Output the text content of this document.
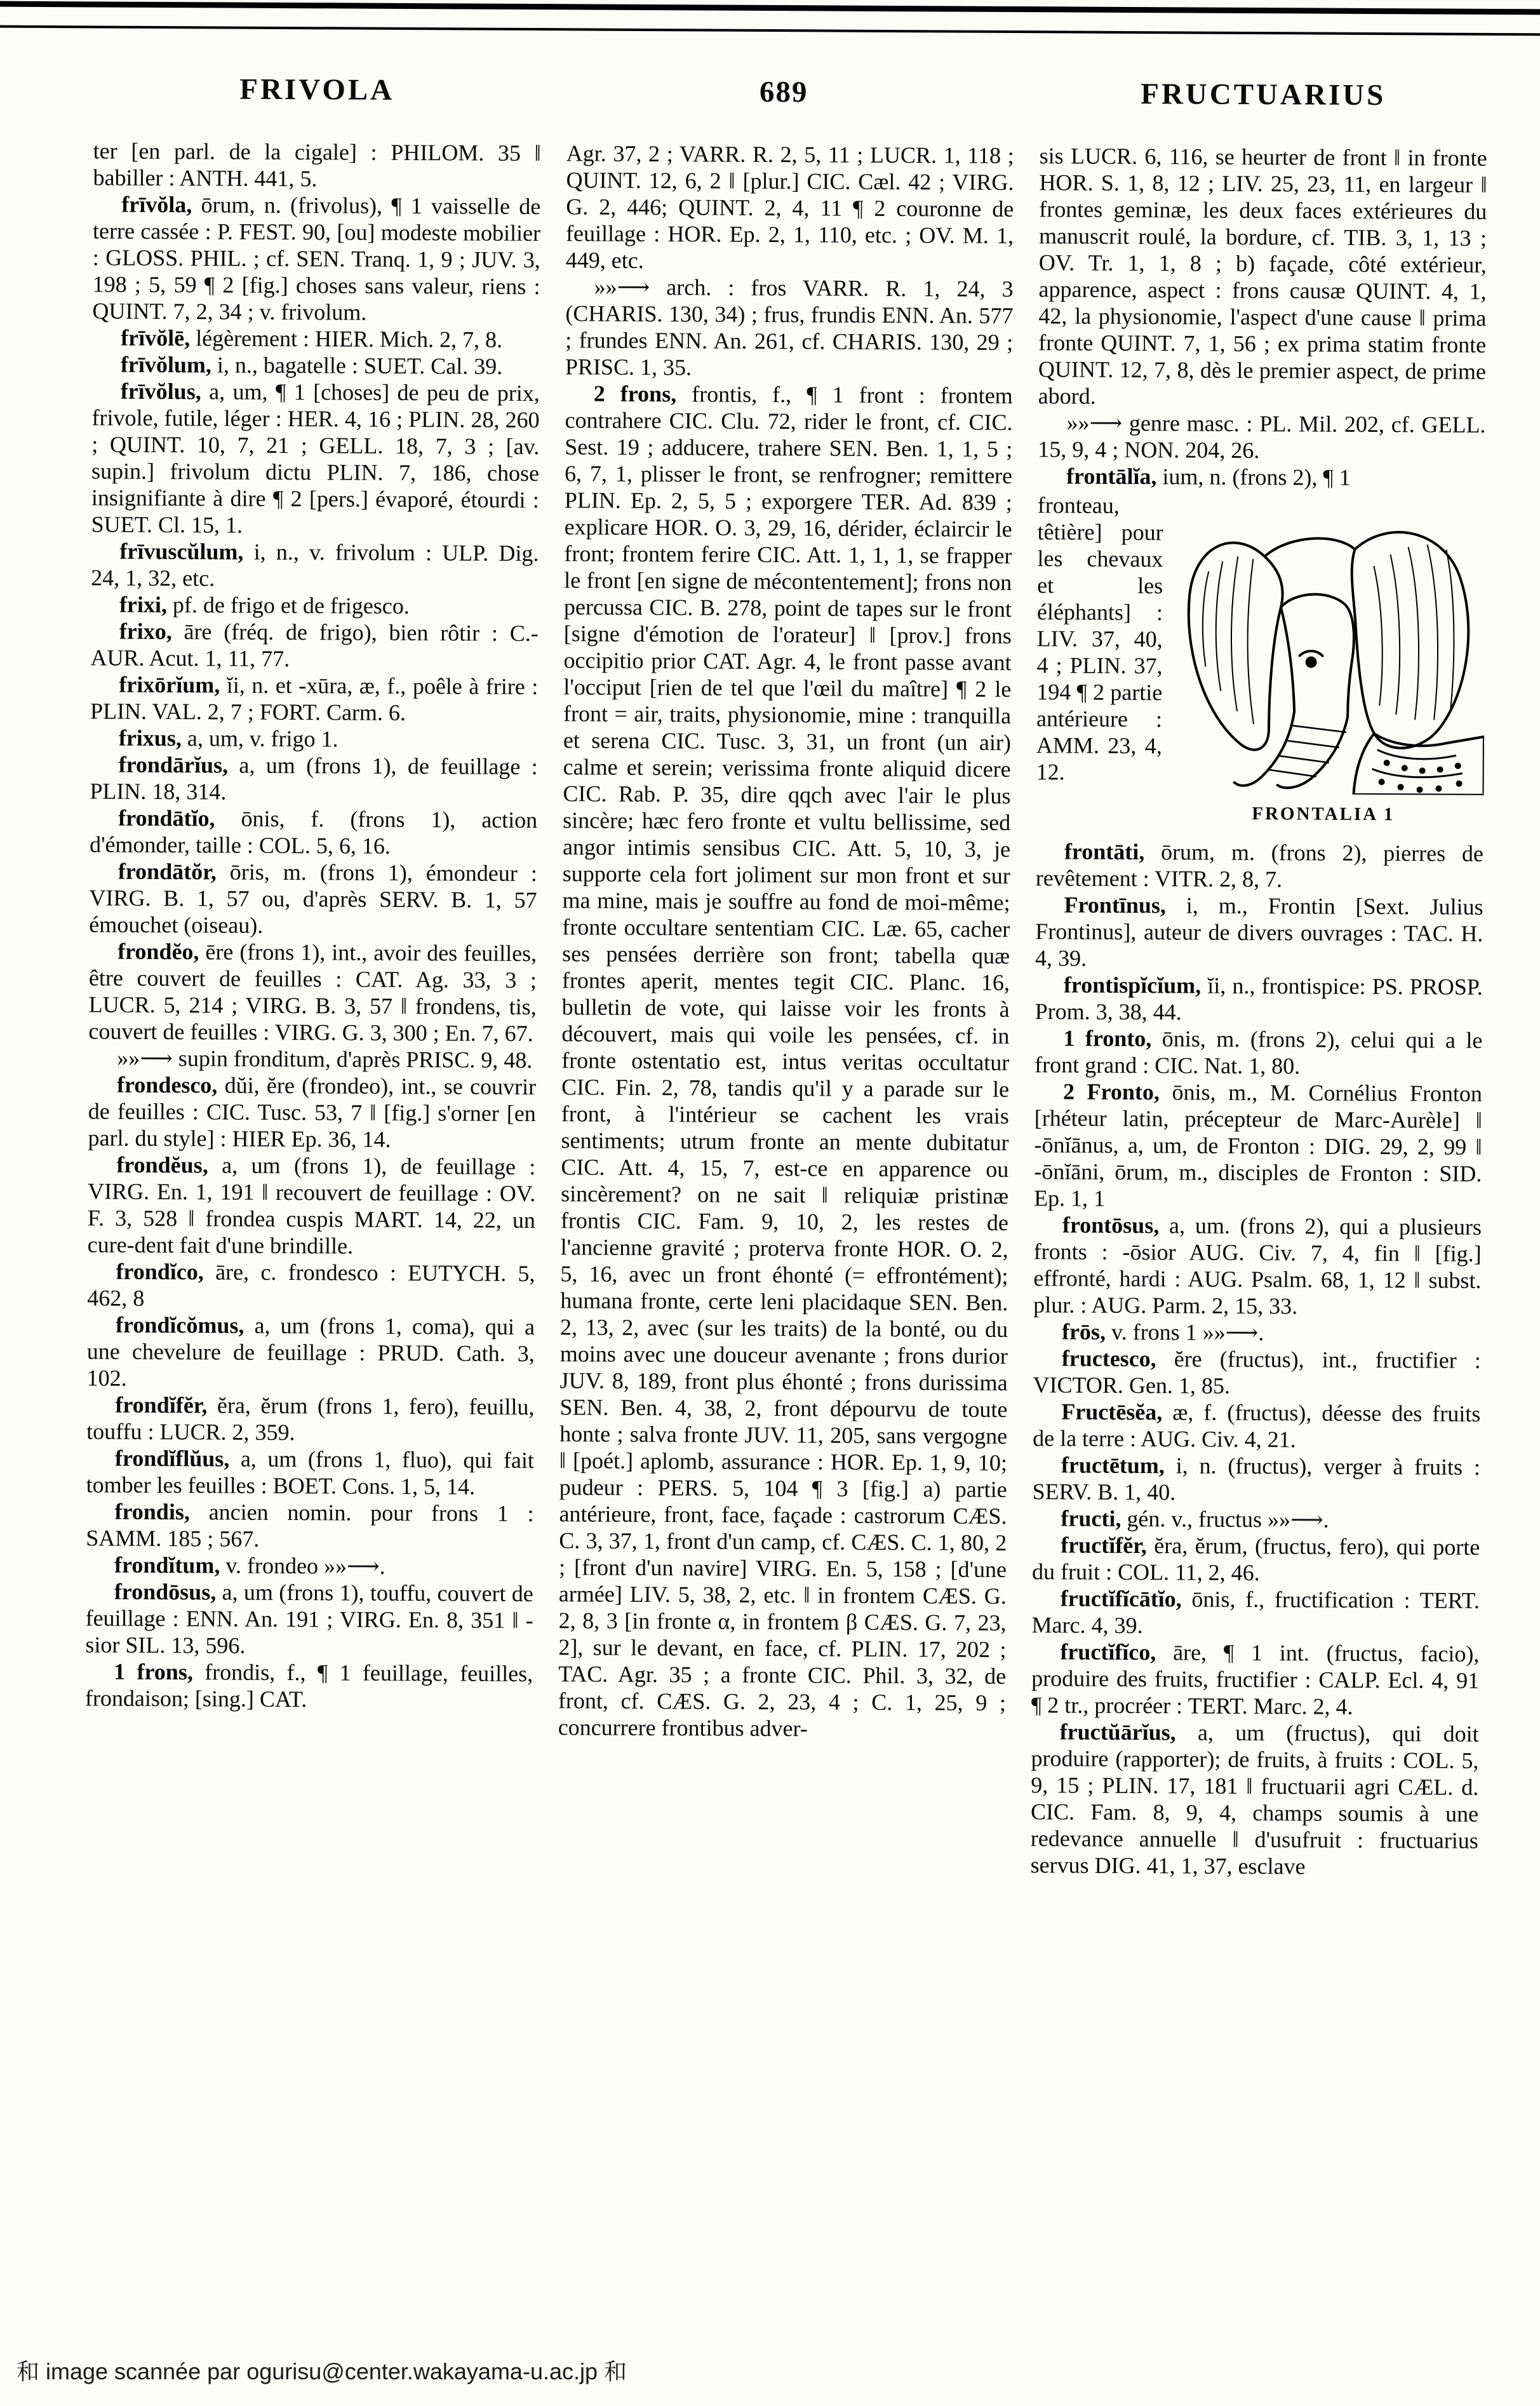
FRIVOLA	689	FRUCTUARIUS

ter [en parl. de la cigale] : PHILOM. 35 ‖ babiller : ANTH. 441, 5.

frīvŏla, ōrum, n. (frivolus), ¶ 1 vaisselle de terre cassée : P. FEST. 90, [ou] modeste mobilier : GLOSS. PHIL. ; cf. SEN. Tranq. 1, 9 ; JUV. 3, 198 ; 5, 59 ¶ 2 [fig.] choses sans valeur, riens : QUINT. 7, 2, 34 ; v. frivolum.

frīvŏlē, légèrement : HIER. Mich. 2, 7, 8.

frīvŏlum, i, n., bagatelle : SUET. Cal. 39.

frīvŏlus, a, um, ¶ 1 [choses] de peu de prix, frivole, futile, léger : HER. 4, 16 ; PLIN. 28, 260 ; QUINT. 10, 7, 21 ; GELL. 18, 7, 3 ; [av. supin.] frivolum dictu PLIN. 7, 186, chose insignifiante à dire ¶ 2 [pers.] évaporé, étourdi : SUET. Cl. 15, 1.

frīvuscŭlum, i, n., v. frivolum : ULP. Dig. 24, 1, 32, etc.

frixi, pf. de frigo et de frigesco.

frixo, āre (fréq. de frigo), bien rôtir : C.-AUR. Acut. 1, 11, 77.

frixōrĭum, ĭi, n. et -xūra, æ, f., poêle à frire : PLIN. VAL. 2, 7 ; FORT. Carm. 6.

frixus, a, um, v. frigo 1.

frondārĭus, a, um (frons 1), de feuillage : PLIN. 18, 314.

frondātĭo, ōnis, f. (frons 1), action d'émonder, taille : COL. 5, 6, 16.

frondātŏr, ōris, m. (frons 1), émondeur : VIRG. B. 1, 57 ou, d'après SERV. B. 1, 57 émouchet (oiseau).

frondĕo, ēre (frons 1), int., avoir des feuilles, être couvert de feuilles : CAT. Ag. 33, 3 ; LUCR. 5, 214 ; VIRG. B. 3, 57 ‖ frondens, tis, couvert de feuilles : VIRG. G. 3, 300 ; En. 7, 67.

»»⟶ supin fronditum, d'après PRISC. 9, 48.

frondesco, dŭi, ĕre (frondeo), int., se couvrir de feuilles : CIC. Tusc. 53, 7 ‖ [fig.] s'orner [en parl. du style] : HIER Ep. 36, 14.

frondĕus, a, um (frons 1), de feuillage : VIRG. En. 1, 191 ‖ recouvert de feuillage : OV. F. 3, 528 ‖ frondea cuspis MART. 14, 22, un cure-dent fait d'une brindille.

frondĭco, āre, c. frondesco : EUTYCH. 5, 462, 8

frondĭcŏmus, a, um (frons 1, coma), qui a une chevelure de feuillage : PRUD. Cath. 3, 102.

frondĭfĕr, ĕra, ĕrum (frons 1, fero), feuillu, touffu : LUCR. 2, 359.

frondĭflŭus, a, um (frons 1, fluo), qui fait tomber les feuilles : BOET. Cons. 1, 5, 14.

frondis, ancien nomin. pour frons 1 : SAMM. 185 ; 567.

frondĭtum, v. frondeo »»⟶.

frondōsus, a, um (frons 1), touffu, couvert de feuillage : ENN. An. 191 ; VIRG. En. 8, 351 ‖ -sior SIL. 13, 596.

1 frons, frondis, f., ¶ 1 feuillage, feuilles, frondaison; [sing.] CAT.

Agr. 37, 2 ; VARR. R. 2, 5, 11 ; LUCR. 1, 118 ; QUINT. 12, 6, 2 ‖ [plur.] CIC. Cæl. 42 ; VIRG. G. 2, 446; QUINT. 2, 4, 11 ¶ 2 couronne de feuillage : HOR. Ep. 2, 1, 110, etc. ; OV. M. 1, 449, etc.

»»⟶ arch. : fros VARR. R. 1, 24, 3 (CHARIS. 130, 34) ; frus, frundis ENN. An. 577 ; frundes ENN. An. 261, cf. CHARIS. 130, 29 ; PRISC. 1, 35.

2 frons, frontis, f., ¶ 1 front : frontem contrahere CIC. Clu. 72, rider le front, cf. CIC. Sest. 19 ; adducere, trahere SEN. Ben. 1, 1, 5 ; 6, 7, 1, plisser le front, se renfrogner; remittere PLIN. Ep. 2, 5, 5 ; exporgere TER. Ad. 839 ; explicare HOR. O. 3, 29, 16, dérider, éclaircir le front; frontem ferire CIC. Att. 1, 1, 1, se frapper le front [en signe de mécontentement]; frons non percussa CIC. B. 278, point de tapes sur le front [signe d'émotion de l'orateur] ‖ [prov.] frons occipitio prior CAT. Agr. 4, le front passe avant l'occiput [rien de tel que l'œil du maître] ¶ 2 le front = air, traits, physionomie, mine : tranquilla et serena CIC. Tusc. 3, 31, un front (un air) calme et serein; verissima fronte aliquid dicere CIC. Rab. P. 35, dire qqch avec l'air le plus sincère; hæc fero fronte et vultu bellissime, sed angor intimis sensibus CIC. Att. 5, 10, 3, je supporte cela fort joliment sur mon front et sur ma mine, mais je souffre au fond de moi-même; fronte occultare sententiam CIC. Læ. 65, cacher ses pensées derrière son front; tabella quæ frontes aperit, mentes tegit CIC. Planc. 16, bulletin de vote, qui laisse voir les fronts à découvert, mais qui voile les pensées, cf. in fronte ostentatio est, intus veritas occultatur CIC. Fin. 2, 78, tandis qu'il y a parade sur le front, à l'intérieur se cachent les vrais sentiments; utrum fronte an mente dubitatur CIC. Att. 4, 15, 7, est-ce en apparence ou sincèrement? on ne sait ‖ reliquiæ pristinæ frontis CIC. Fam. 9, 10, 2, les restes de l'ancienne gravité ; proterva fronte HOR. O. 2, 5, 16, avec un front éhonté (= effrontément); humana fronte, certe leni placidaque SEN. Ben. 2, 13, 2, avec (sur les traits) de la bonté, ou du moins avec une douceur avenante ; frons durior JUV. 8, 189, front plus éhonté ; frons durissima SEN. Ben. 4, 38, 2, front dépourvu de toute honte ; salva fronte JUV. 11, 205, sans vergogne ‖ [poét.] aplomb, assurance : HOR. Ep. 1, 9, 10; pudeur : PERS. 5, 104 ¶ 3 [fig.] a) partie antérieure, front, face, façade : castrorum CÆS. C. 3, 37, 1, front d'un camp, cf. CÆS. C. 1, 80, 2 ; [front d'un navire] VIRG. En. 5, 158 ; [d'une armée] LIV. 5, 38, 2, etc. ‖ in frontem CÆS. G. 2, 8, 3 [in fronte α, in frontem β CÆS. G. 7, 23, 2], sur le devant, en face, cf. PLIN. 17, 202 ; TAC. Agr. 35 ; a fronte CIC. Phil. 3, 32, de front, cf. CÆS. G. 2, 23, 4 ; C. 1, 25, 9 ; concurrere frontibus adver-

sis LUCR. 6, 116, se heurter de front ‖ in fronte HOR. S. 1, 8, 12 ; LIV. 25, 23, 11, en largeur ‖ frontes geminæ, les deux faces extérieures du manuscrit roulé, la bordure, cf. TIB. 3, 1, 13 ; OV. Tr. 1, 1, 8 ; b) façade, côté extérieur, apparence, aspect : frons causæ QUINT. 4, 1, 42, la physionomie, l'aspect d'une cause ‖ prima fronte QUINT. 7, 1, 56 ; ex prima statim fronte QUINT. 12, 7, 8, dès le premier aspect, de prime abord.

»»⟶ genre masc. : PL. Mil. 202, cf. GELL. 15, 9, 4 ; NON. 204, 26.

frontālĭa, ium, n. (frons 2), ¶ 1

fronteau, têtière] pour les chevaux et les éléphants] : LIV. 37, 40, 4 ; PLIN. 37, 194 ¶ 2 partie antérieure : AMM. 23, 4, 12.

FRONTALIA 1

frontāti, ōrum, m. (frons 2), pierres de revêtement : VITR. 2, 8, 7.

Frontīnus, i, m., Frontin [Sext. Julius Frontinus], auteur de divers ouvrages : TAC. H. 4, 39.

frontispĭcĭum, ĭi, n., frontispice: PS. PROSP. Prom. 3, 38, 44.

1 fronto, ōnis, m. (frons 2), celui qui a le front grand : CIC. Nat. 1, 80.

2 Fronto, ōnis, m., M. Cornélius Fronton [rhéteur latin, précepteur de Marc-Aurèle] ‖ -ōnĭānus, a, um, de Fronton : DIG. 29, 2, 99 ‖ -ōnĭāni, ōrum, m., disciples de Fronton : SID. Ep. 1, 1

frontōsus, a, um. (frons 2), qui a plusieurs fronts : -ōsior AUG. Civ. 7, 4, fin ‖ [fig.] effronté, hardi : AUG. Psalm. 68, 1, 12 ‖ subst. plur. : AUG. Parm. 2, 15, 33.

frōs, v. frons 1 »»⟶.

fructesco, ĕre (fructus), int., fructifier : VICTOR. Gen. 1, 85.

Fructēsĕa, æ, f. (fructus), déesse des fruits de la terre : AUG. Civ. 4, 21.

fructētum, i, n. (fructus), verger à fruits : SERV. B. 1, 40.

fructi, gén. v., fructus »»⟶.

fructĭfĕr, ĕra, ĕrum, (fructus, fero), qui porte du fruit : COL. 11, 2, 46.

fructĭfĭcātĭo, ōnis, f., fructification : TERT. Marc. 4, 39.

fructĭfĭco, āre, ¶ 1 int. (fructus, facio), produire des fruits, fructifier : CALP. Ecl. 4, 91 ¶ 2 tr., procréer : TERT. Marc. 2, 4.

fructŭārĭus, a, um (fructus), qui doit produire (rapporter); de fruits, à fruits : COL. 5, 9, 15 ; PLIN. 17, 181 ‖ fructuarii agri CÆL. d. CIC. Fam. 8, 9, 4, champs soumis à une redevance annuelle ‖ d'usufruit : fructuarius servus DIG. 41, 1, 37, esclave

和 image scannée par ogurisu@center.wakayama-u.ac.jp 和
